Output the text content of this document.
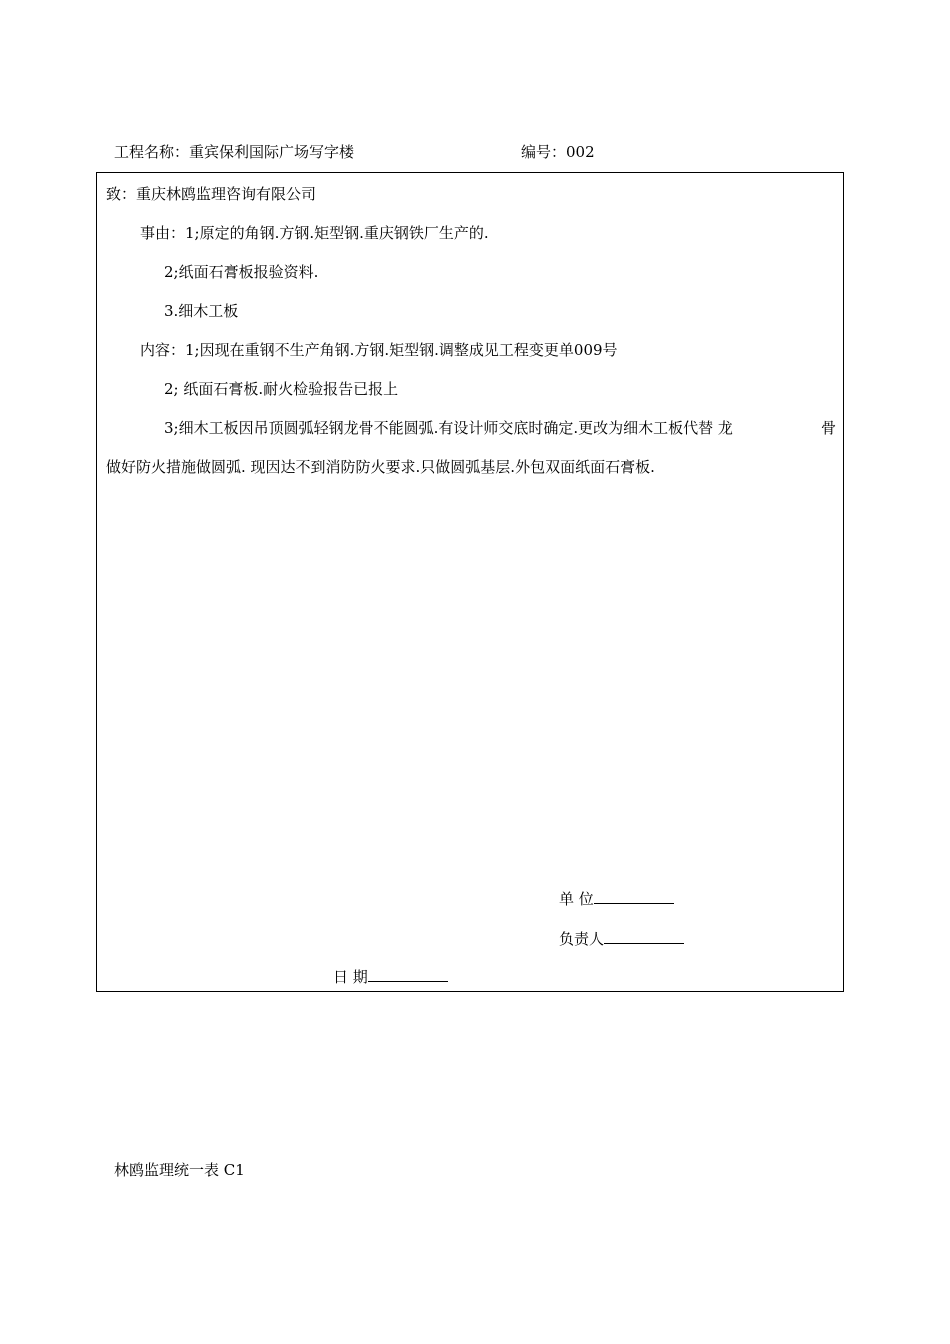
工程名称：重宾保利国际广场写字楼	编号：002
致：重庆林鸥监理咨询有限公司
事由：1;原定的角钢.方钢.矩型钢.重庆钢铁厂生产的.
2;纸面石膏板报验资料.
3.细木工板
内容：1;因现在重钢不生产角钢.方钢.矩型钢.调整成见工程变更单009号
2; 纸面石膏板.耐火检验报告已报上
3;细木工板因吊顶圆弧轻钢龙骨不能圆弧.有设计师交底时确定.更改为细木工板代替 龙	骨
做好防火措施做圆弧. 现因达不到消防防火要求.只做圆弧基层.外包双面纸面石膏板.
单 位
负责人
日 期
林鸥监理统一表 C1
